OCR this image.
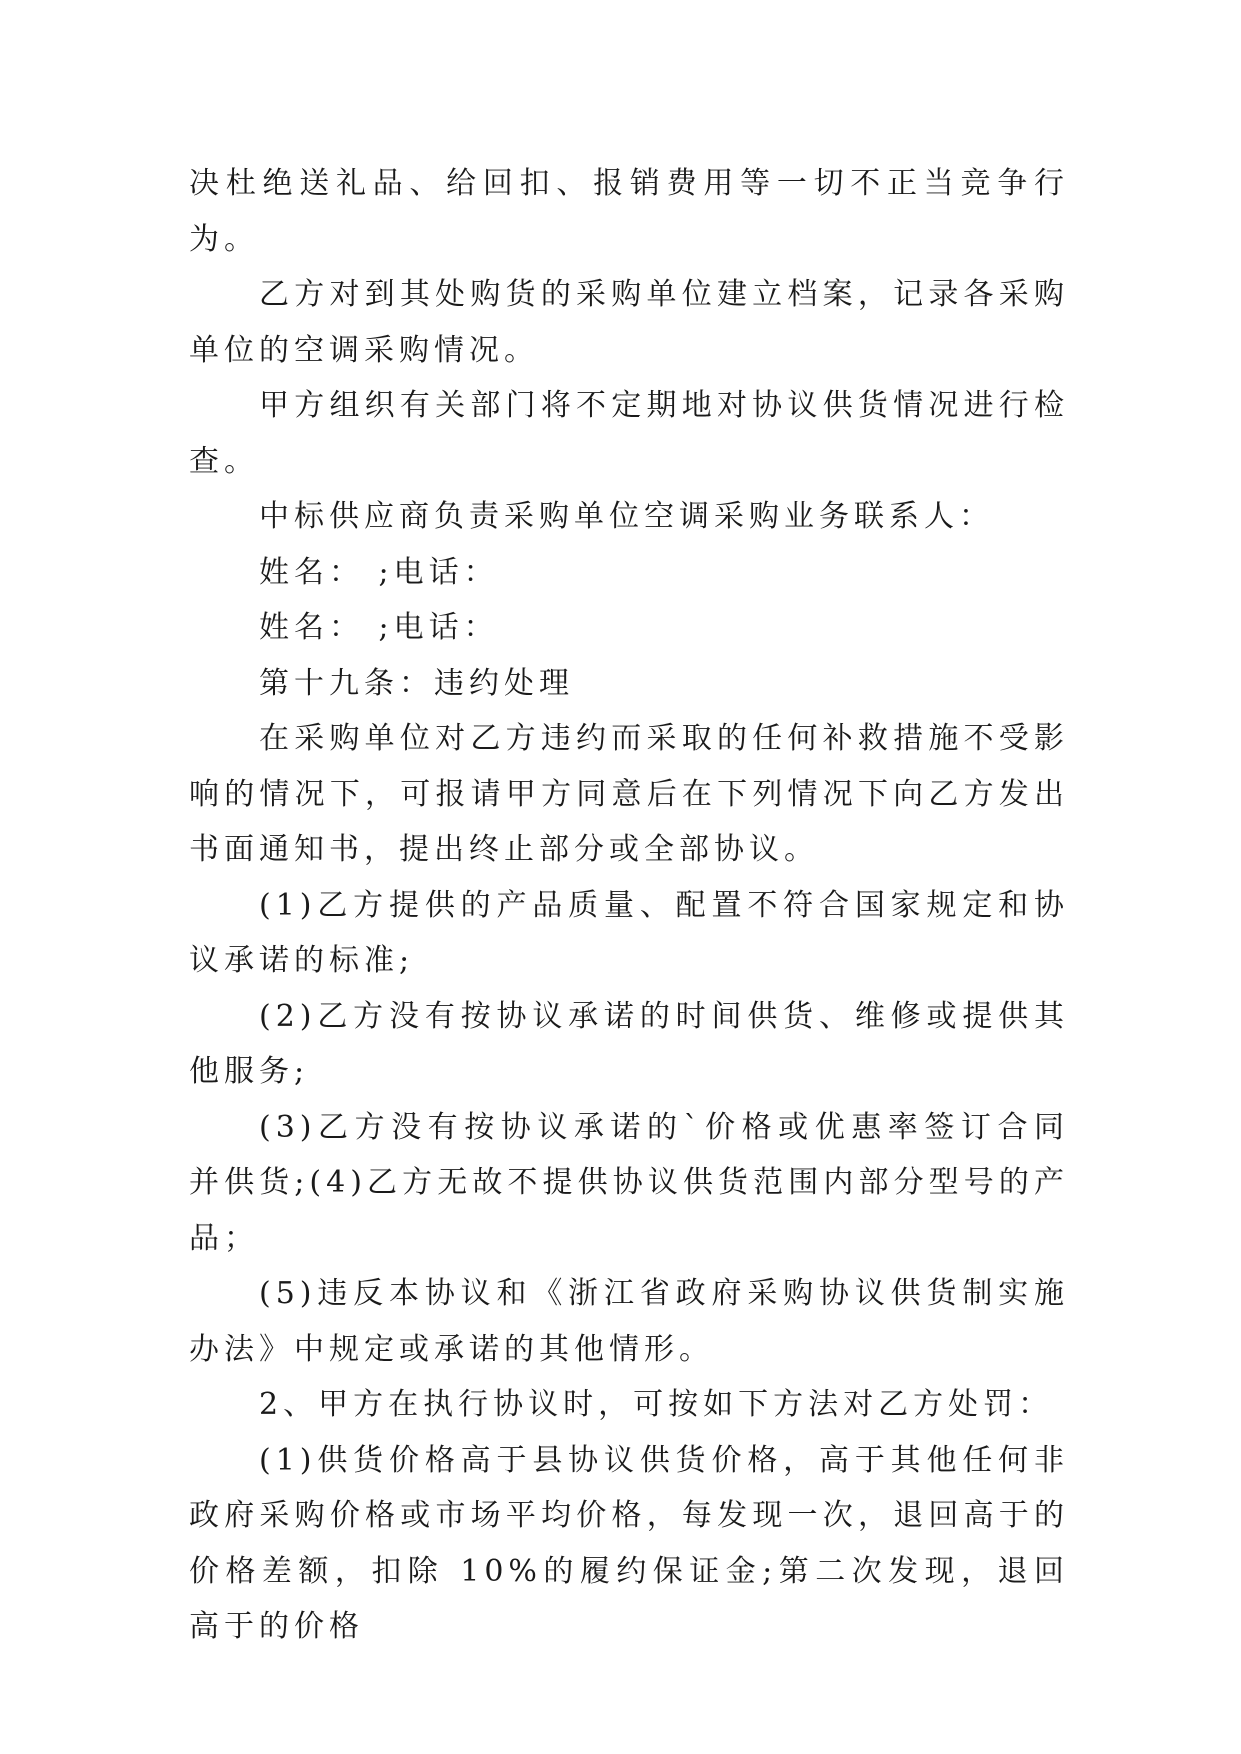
决杜绝送礼品、给回扣、报销费用等一切不正当竞争行为。

乙方对到其处购货的采购单位建立档案，记录各采购单位的空调采购情况。

甲方组织有关部门将不定期地对协议供货情况进行检查。

中标供应商负责采购单位空调采购业务联系人：

姓名： ;电话：

姓名： ;电话：

第十九条：违约处理

在采购单位对乙方违约而采取的任何补救措施不受影响的情况下，可报请甲方同意后在下列情况下向乙方发出书面通知书，提出终止部分或全部协议。

(1)乙方提供的产品质量、配置不符合国家规定和协议承诺的标准;

(2)乙方没有按协议承诺的时间供货、维修或提供其他服务;

(3)乙方没有按协议承诺的`价格或优惠率签订合同并供货;(4)乙方无故不提供协议供货范围内部分型号的产品；

(5)违反本协议和《浙江省政府采购协议供货制实施办法》中规定或承诺的其他情形。

2、甲方在执行协议时，可按如下方法对乙方处罚：

(1)供货价格高于县协议供货价格，高于其他任何非政府采购价格或市场平均价格，每发现一次，退回高于的价格差额，扣除 10%的履约保证金;第二次发现，退回高于的价格
